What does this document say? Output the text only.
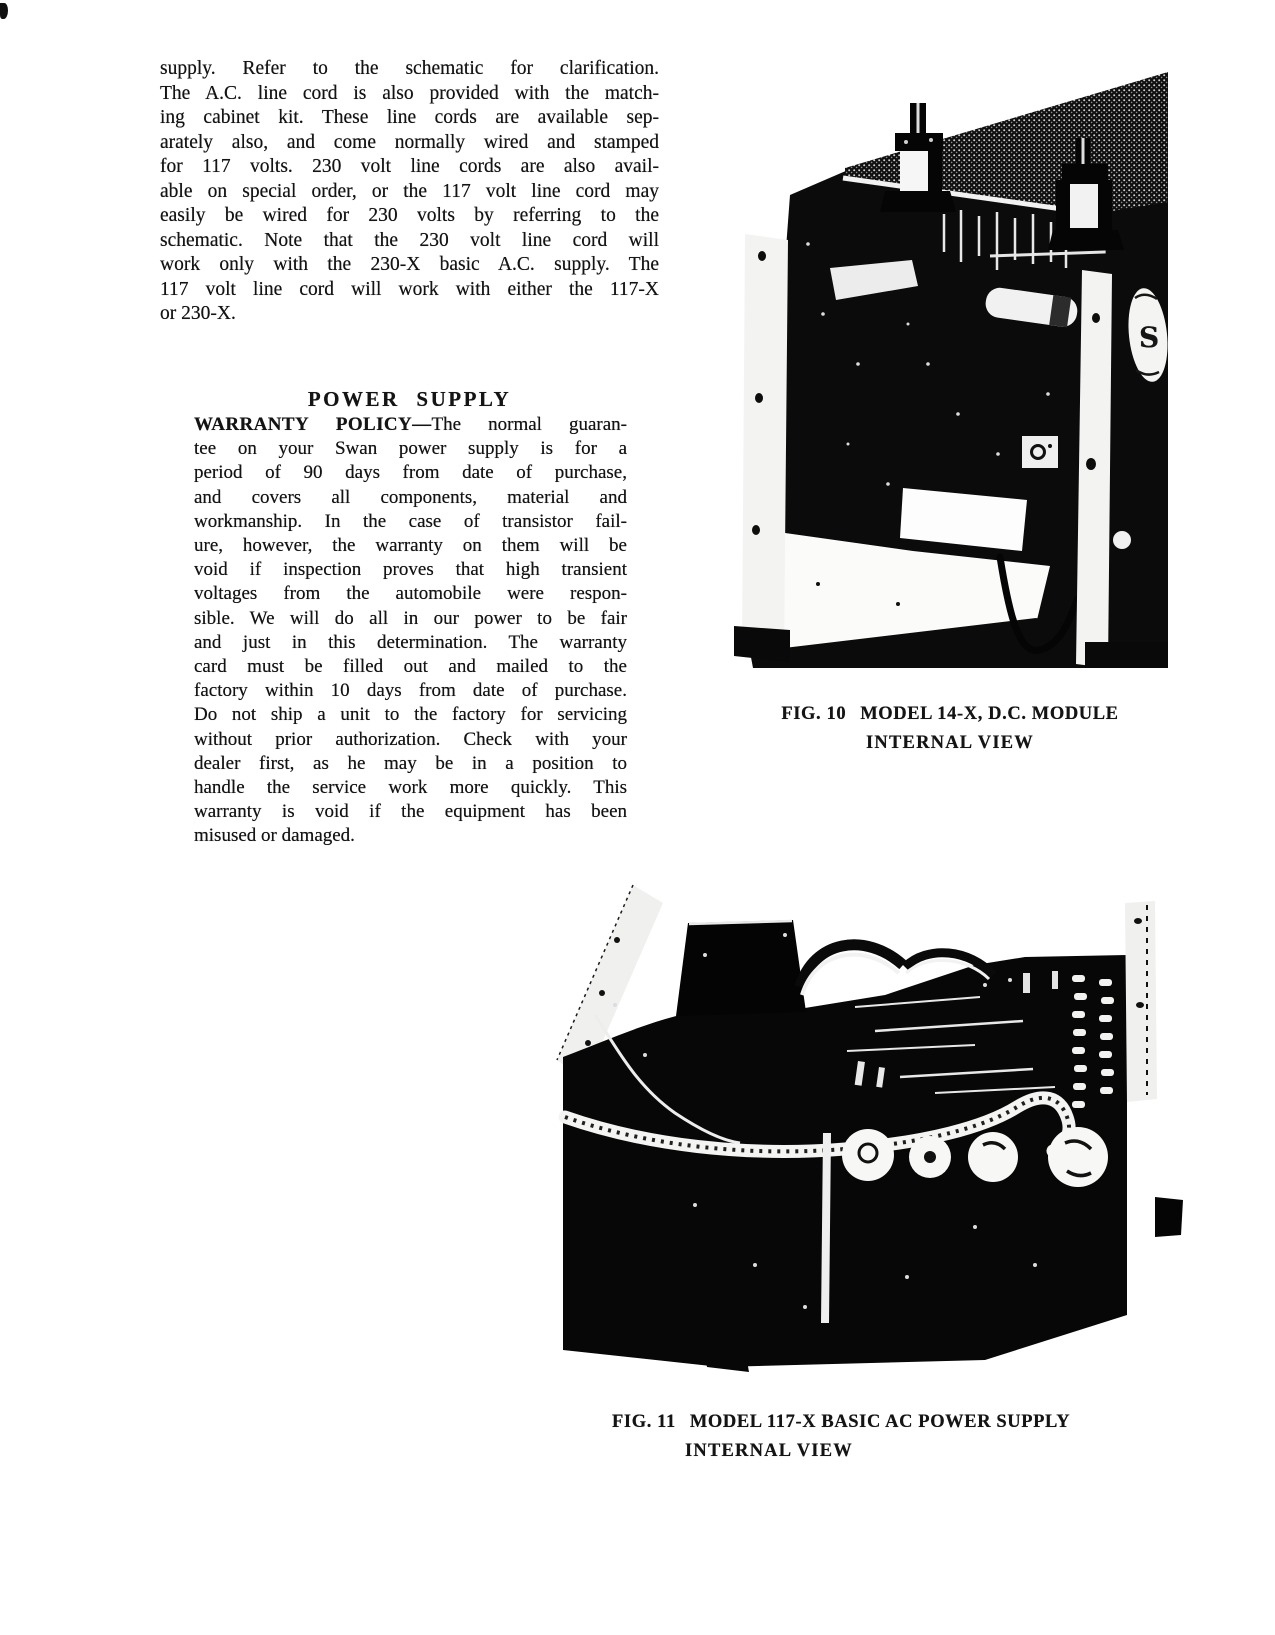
supply. Refer to the schematic for clarification.
The A.C. line cord is also provided with the match-
ing cabinet kit. These line cords are available sep-
arately also, and come normally wired and stamped
for 117 volts. 230 volt line cords are also avail-
able on special order, or the 117 volt line cord may
easily be wired for 230 volts by referring to the
schematic. Note that the 230 volt line cord will
work only with the 230-X basic A.C. supply. The
117 volt line cord will work with either the 117-X
or 230-X.
POWER SUPPLY
WARRANTY POLICY—The normal guaran-
tee on your Swan power supply is for a
period of 90 days from date of purchase,
and covers all components, material and
workmanship. In the case of transistor fail-
ure, however, the warranty on them will be
void if inspection proves that high transient
voltages from the automobile were respon-
sible. We will do all in our power to be fair
and just in this determination. The warranty
card must be filled out and mailed to the
factory within 10 days from date of purchase.
Do not ship a unit to the factory for servicing
without prior authorization. Check with your
dealer first, as he may be in a position to
handle the service work more quickly. This
warranty is void if the equipment has been
misused or damaged.
S
FIG. 10 MODEL 14-X, D.C. MODULE
INTERNAL VIEW
FIG. 11 MODEL 117-X BASIC AC POWER SUPPLY
INTERNAL VIEW
